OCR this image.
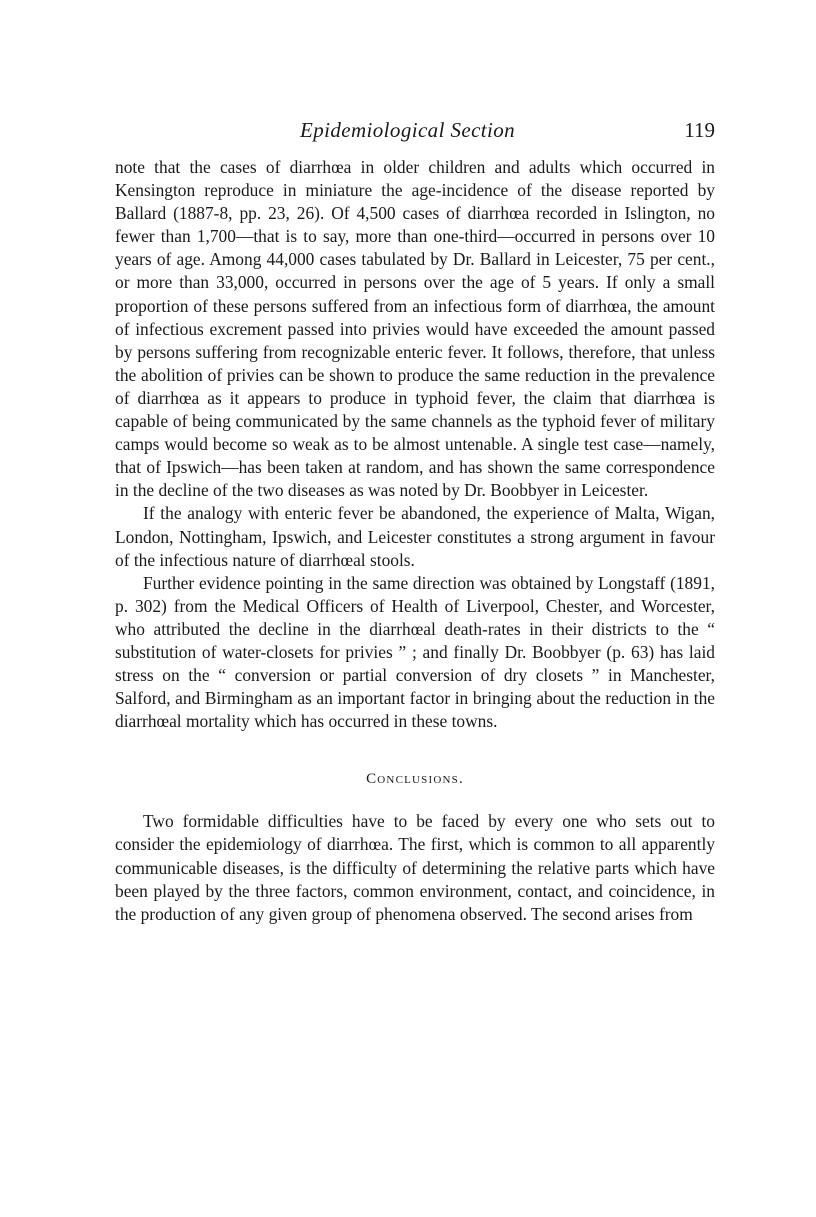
Epidemiological Section	119

note that the cases of diarrhœa in older children and adults which occurred in Kensington reproduce in miniature the age-incidence of the disease reported by Ballard (1887-8, pp. 23, 26). Of 4,500 cases of diarrhœa recorded in Islington, no fewer than 1,700—that is to say, more than one-third—occurred in persons over 10 years of age. Among 44,000 cases tabulated by Dr. Ballard in Leicester, 75 per cent., or more than 33,000, occurred in persons over the age of 5 years. If only a small proportion of these persons suffered from an infectious form of diarrhœa, the amount of infectious excrement passed into privies would have exceeded the amount passed by persons suffering from recognizable enteric fever. It follows, therefore, that unless the abolition of privies can be shown to produce the same reduction in the prevalence of diarrhœa as it appears to produce in typhoid fever, the claim that diarrhœa is capable of being communicated by the same channels as the typhoid fever of military camps would become so weak as to be almost untenable. A single test case—namely, that of Ipswich—has been taken at random, and has shown the same correspondence in the decline of the two diseases as was noted by Dr. Boobbyer in Leicester.

If the analogy with enteric fever be abandoned, the experience of Malta, Wigan, London, Nottingham, Ipswich, and Leicester constitutes a strong argument in favour of the infectious nature of diarrhœal stools.

Further evidence pointing in the same direction was obtained by Longstaff (1891, p. 302) from the Medical Officers of Health of Liverpool, Chester, and Worcester, who attributed the decline in the diarrhœal death-rates in their districts to the “ substitution of water-closets for privies ” ; and finally Dr. Boobbyer (p. 63) has laid stress on the “ conversion or partial conversion of dry closets ” in Manchester, Salford, and Birmingham as an important factor in bringing about the reduction in the diarrhœal mortality which has occurred in these towns.

Conclusions.

Two formidable difficulties have to be faced by every one who sets out to consider the epidemiology of diarrhœa. The first, which is common to all apparently communicable diseases, is the difficulty of determining the relative parts which have been played by the three factors, common environment, contact, and coincidence, in the production of any given group of phenomena observed. The second arises from
